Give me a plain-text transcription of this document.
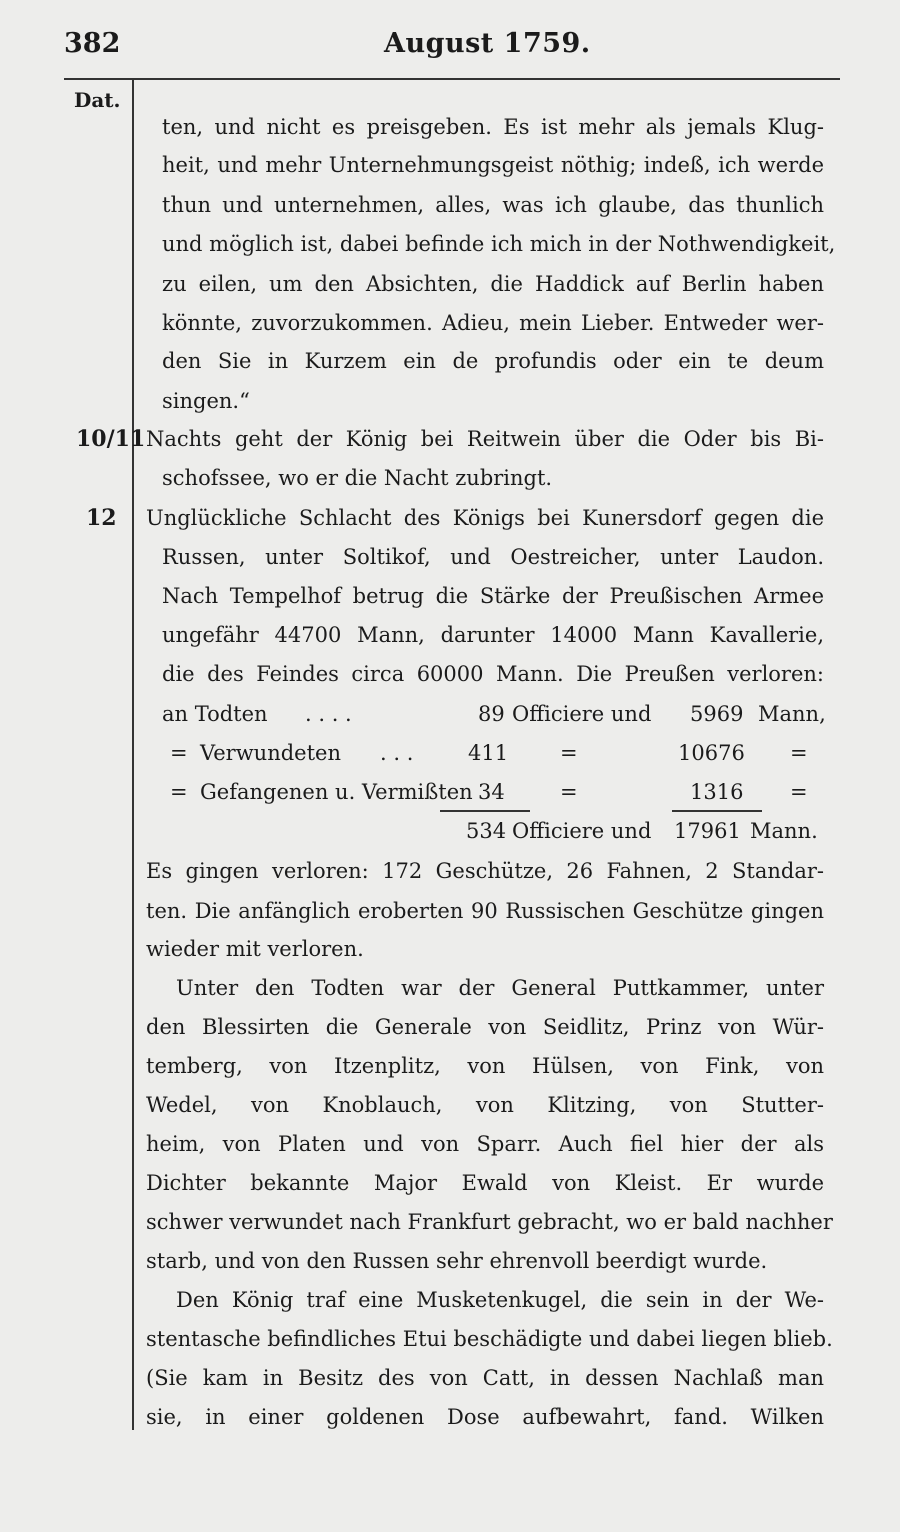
382	August 1759.
Dat.
ten, und nicht es preisgeben. Es ist mehr als jemals Klug-
heit, und mehr Unternehmungsgeist nöthig; indeß, ich werde
thun und unternehmen, alles, was ich glaube, das thunlich
und möglich ist, dabei befinde ich mich in der Nothwendigkeit,
zu eilen, um den Absichten, die Haddick auf Berlin haben
könnte, zuvorzukommen. Adieu, mein Lieber. Entweder wer-
den Sie in Kurzem ein de profundis oder ein te deum
singen.“
10/11 Nachts geht der König bei Reitwein über die Oder bis Bi-
schofssee, wo er die Nacht zubringt.
12 Unglückliche Schlacht des Königs bei Kunersdorf gegen die
Russen, unter Soltikof, und Oestreicher, unter Laudon.
Nach Tempelhof betrug die Stärke der Preußischen Armee
ungefähr 44700 Mann, darunter 14000 Mann Kavallerie,
die des Feindes circa 60000 Mann. Die Preußen verloren:
an Todten . . . .	89 Officiere und 5969 Mann,
= Verwundeten . . .	411 =	10676 =
= Gefangenen u. Vermißten 34	=	1316 =
534 Officiere und 17961 Mann.
Es gingen verloren: 172 Geschütze, 26 Fahnen, 2 Standar-
ten. Die anfänglich eroberten 90 Russischen Geschütze gingen
wieder mit verloren.
Unter den Todten war der General Puttkammer, unter
den Blessirten die Generale von Seidlitz, Prinz von Wür-
temberg, von Itzenplitz, von Hülsen, von Fink, von
Wedel, von Knoblauch, von Klitzing, von Stutter-
heim, von Platen und von Sparr. Auch fiel hier der als
Dichter bekannte Major Ewald von Kleist. Er wurde
schwer verwundet nach Frankfurt gebracht, wo er bald nachher
starb, und von den Russen sehr ehrenvoll beerdigt wurde.
Den König traf eine Musketenkugel, die sein in der We-
stentasche befindliches Etui beschädigte und dabei liegen blieb.
(Sie kam in Besitz des von Catt, in dessen Nachlaß man
sie, in einer goldenen Dose aufbewahrt, fand. Wilken
